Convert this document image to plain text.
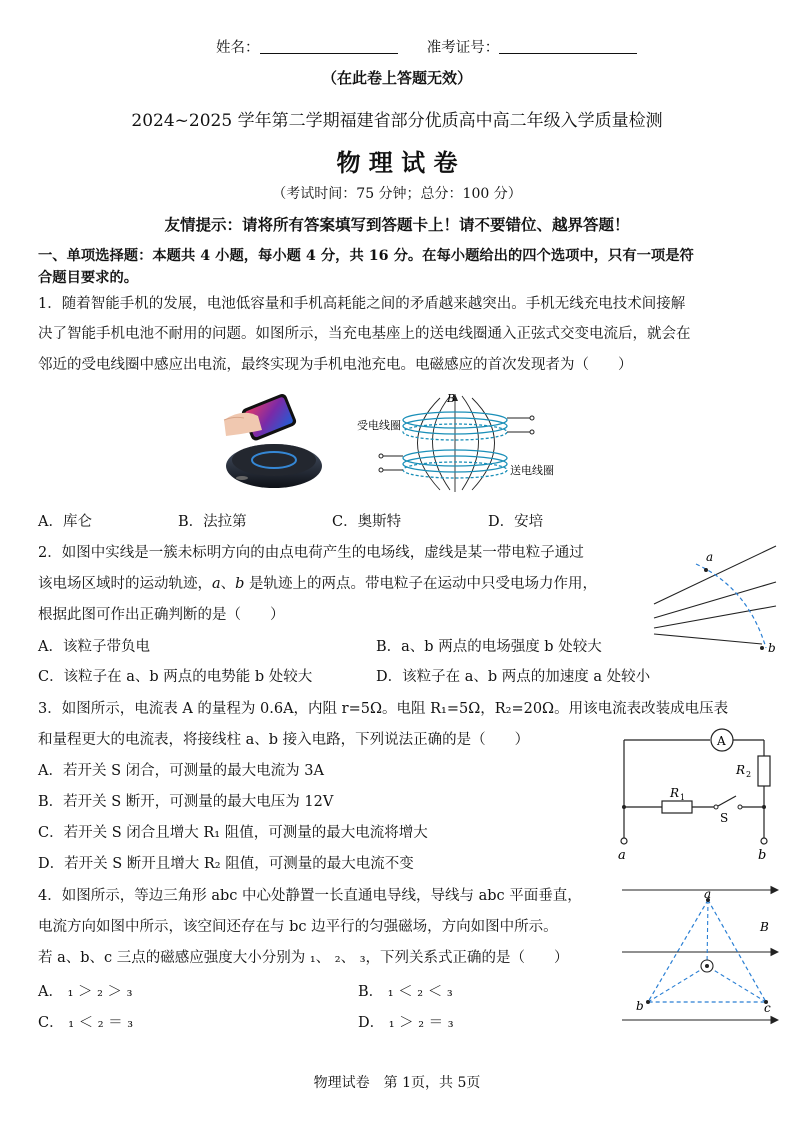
姓名：	准考证号：
（在此卷上答题无效）
2024~2025 学年第二学期福建省部分优质高中高二年级入学质量检测
物 理 试 卷
（考试时间：75 分钟；总分：100 分）
友情提示：请将所有答案填写到答题卡上！请不要错位、越界答题！
一、单项选择题：本题共 4 小题，每小题 4 分，共 16 分。在每小题给出的四个选项中，只有一项是符
合题目要求的。
1．随着智能手机的发展，电池低容量和手机高耗能之间的矛盾越来越突出。手机无线充电技术间接解
决了智能手机电池不耐用的问题。如图所示，当充电基座上的送电线圈通入正弦式交变电流后，就会在
邻近的受电线圈中感应出电流，最终实现为手机电池充电。电磁感应的首次发现者为（　　）
B
受电线圈
送电线圈
A．库仑	B．法拉第	C．奥斯特	D．安培
2．如图中实线是一簇未标明方向的由点电荷产生的电场线，虚线是某一带电粒子通过
该电场区域时的运动轨迹，a、b 是轨迹上的两点。带电粒子在运动中只受电场力作用，
根据此图可作出正确判断的是（　　）
a
b
A．该粒子带负电	B．a、b 两点的电场强度 b 处较大
C．该粒子在 a、b 两点的电势能 b 处较大	D．该粒子在 a、b 两点的加速度 a 处较小
3．如图所示，电流表 A 的量程为 0.6A，内阻 r=5Ω。电阻 R₁=5Ω，R₂=20Ω。用该电流表改装成电压表
和量程更大的电流表，将接线柱 a、b 接入电路，下列说法正确的是（　　）
A．若开关 S 闭合，可测量的最大电流为 3A
B．若开关 S 断开，可测量的最大电压为 12V
C．若开关 S 闭合且增大 R₁ 阻值，可测量的最大电流将增大
D．若开关 S 断开且增大 R₂ 阻值，可测量的最大电流不变
A
R 2
R 1
S
a	b
4．如图所示，等边三角形 abc 中心处静置一长直通电导线，导线与 abc 平面垂直，
电流方向如图中所示，该空间还存在与 bc 边平行的匀强磁场，方向如图中所示。
若 a、b、c 三点的磁感应强度大小分别为 ₁、 ₂、 ₃，下列关系式正确的是（　　）
A． ₁ ＞ ₂ ＞ ₃	B． ₁ ＜ ₂ ＜ ₃
C． ₁ ＜ ₂ ＝ ₃	D． ₁ ＞ ₂ ＝ ₃
a
b	c
B
物理试卷　第 1页，共 5页
